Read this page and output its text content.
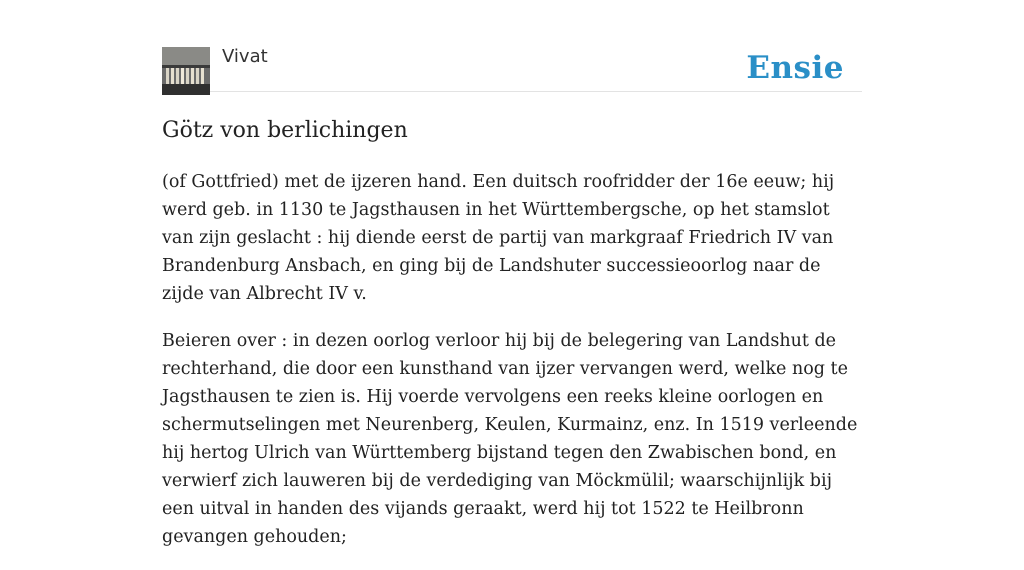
Vivat	Ensie
Götz von berlichingen

(of Gottfried) met de ijzeren hand. Een duitsch roofridder der 16e eeuw; hij werd geb. in 1130 te Jagsthausen in het Württembergsche, op het stamslot van zijn geslacht : hij diende eerst de partij van markgraaf Friedrich IV van Brandenburg Ansbach, en ging bij de Landshuter successieoorlog naar de zijde van Albrecht IV v.

Beieren over : in dezen oorlog verloor hij bij de belegering van Landshut de rechterhand, die door een kunsthand van ijzer vervangen werd, welke nog te Jagsthausen te zien is. Hij voerde vervolgens een reeks kleine oorlogen en schermutselingen met Neurenberg, Keulen, Kurmainz, enz. In 1519 verleende hij hertog Ulrich van Württemberg bijstand tegen den Zwabischen bond, en verwierf zich lauweren bij de verdediging van Möckmülil; waarschijnlijk bij een uitval in handen des vijands geraakt, werd hij tot 1522 te Heilbronn gevangen gehouden;
